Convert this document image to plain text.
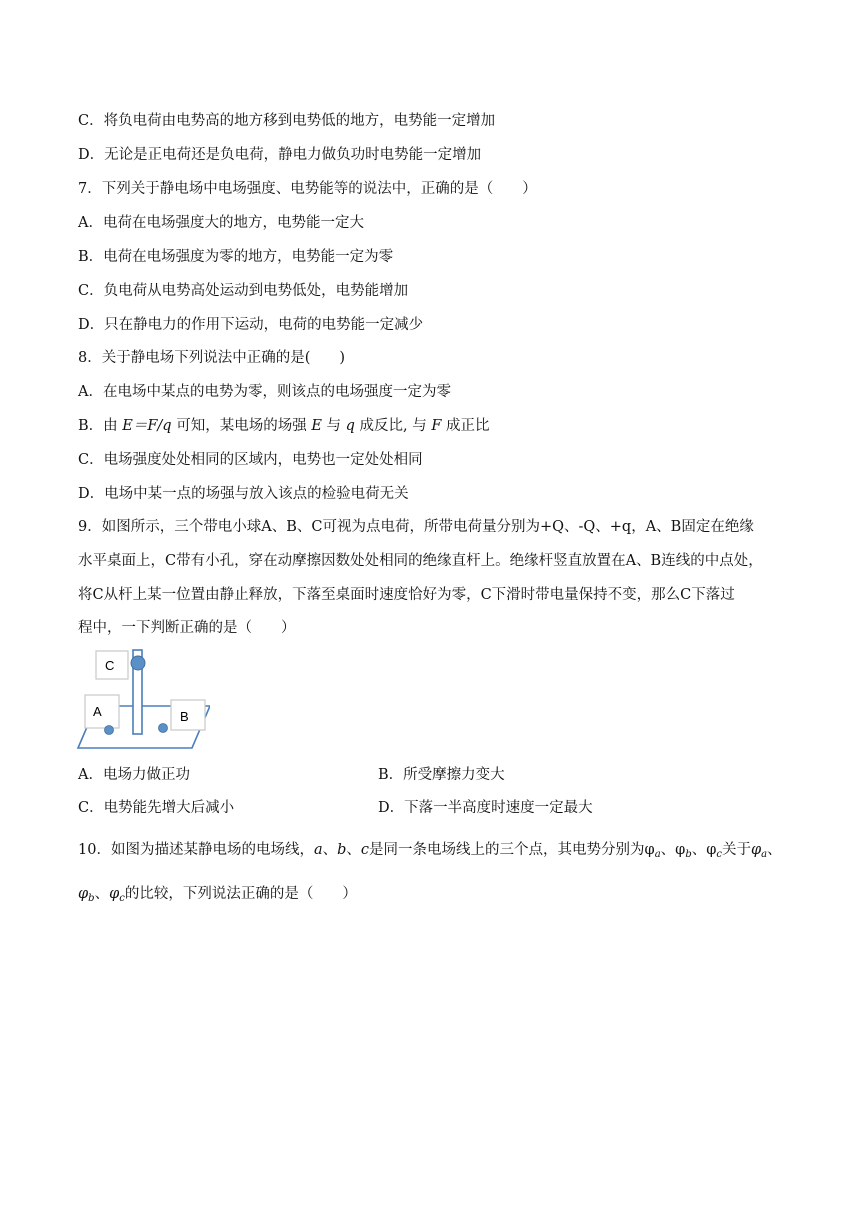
C．将负电荷由电势高的地方移到电势低的地方，电势能一定增加
D．无论是正电荷还是负电荷，静电力做负功时电势能一定增加
7．下列关于静电场中电场强度、电势能等的说法中，正确的是（　　）
A．电荷在电场强度大的地方，电势能一定大
B．电荷在电场强度为零的地方，电势能一定为零
C．负电荷从电势高处运动到电势低处，电势能增加
D．只在静电力的作用下运动，电荷的电势能一定减少
8．关于静电场下列说法中正确的是(　　)
A．在电场中某点的电势为零，则该点的电场强度一定为零
B．由 E＝F/q 可知，某电场的场强 E 与 q 成反比, 与 F 成正比
C．电场强度处处相同的区域内，电势也一定处处相同
D．电场中某一点的场强与放入该点的检验电荷无关
9．如图所示，三个带电小球A、B、C可视为点电荷，所带电荷量分别为+Q、-Q、+q，A、B固定在绝缘
水平桌面上，C带有小孔，穿在动摩擦因数处处相同的绝缘直杆上。绝缘杆竖直放置在A、B连线的中点处，
将C从杆上某一位置由静止释放，下落至桌面时速度恰好为零，C下滑时带电量保持不变，那么C下落过
程中，一下判断正确的是（　　）
C
A	B
A．电场力做正功	B．所受摩擦力变大
C．电势能先增大后减小	D．下落一半高度时速度一定最大
10．如图为描述某静电场的电场线，a、b、c是同一条电场线上的三个点，其电势分别为$\varphi_a$、$\varphi_b$、$\varphi_c$关于$\varphi_a$、
$\varphi_b$、$\varphi_c$的比较，下列说法正确的是（　　）
